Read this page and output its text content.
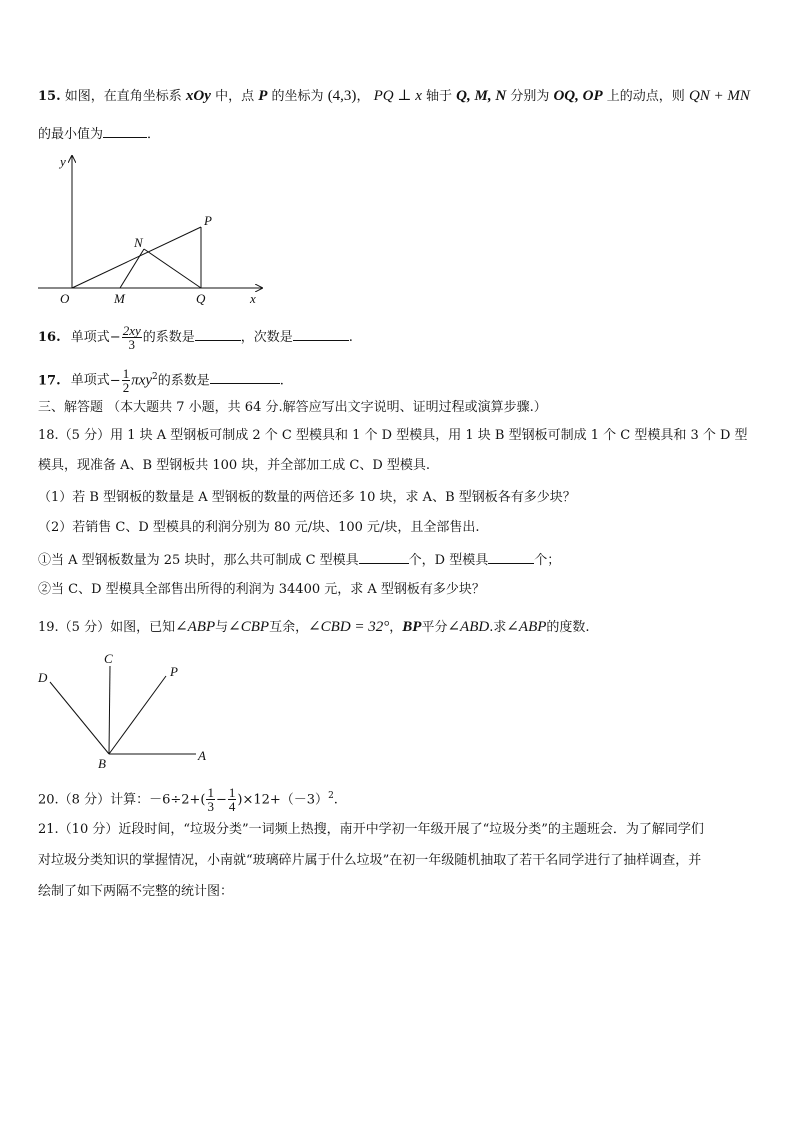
15. 如图，在直角坐标系 xOy 中，点 P 的坐标为 (4,3)， PQ ⊥ x 轴于 Q, M, N 分别为 OQ, OP 上的动点，则 QN + MN
的最小值为	．
y
x
O	M	Q
N
P
16. 单项式− $\frac{2xy}{3}$ 的系数是	，次数是	.
17. 单项式− $\frac{1}{2} \pi xy^2$的系数是	.
三、解答题 （本大题共 7 小题，共 64 分.解答应写出文字说明、证明过程或演算步骤.）
18.（5 分）用 1 块 A 型钢板可制成 2 个 C 型模具和 1 个 D 型模具，用 1 块 B 型钢板可制成 1 个 C 型模具和 3 个 D 型
模具，现准备 A、B 型钢板共 100 块，并全部加工成 C、D 型模具.
（1）若 B 型钢板的数量是 A 型钢板的数量的两倍还多 10 块，求 A、B 型钢板各有多少块？
（2）若销售 C、D 型模具的利润分别为 80 元/块、100 元/块，且全部售出.
①当 A 型钢板数量为 25 块时，那么共可制成 C 型模具	个，D 型模具	个；
②当 C、D 型模具全部售出所得的利润为 34400 元，求 A 型钢板有多少块？
19.（5 分）如图，已知∠ABP与∠CBP互余，∠CBD = 32°，BP平分∠ABD.求∠ABP的度数.
C
D	P
B
A
20.（8 分）计算：$-6\div 2+( \frac{1}{3} - \frac{1}{4} )\times 12+(-3)^2$.
21.（10 分）近段时间，“垃圾分类”一词频上热搜，南开中学初一年级开展了“垃圾分类”的主题班会．为了解同学们
对垃圾分类知识的掌握情况，小南就“玻璃碎片属于什么垃圾”在初一年级随机抽取了若干名同学进行了抽样调查，并
绘制了如下两隔不完整的统计图：
